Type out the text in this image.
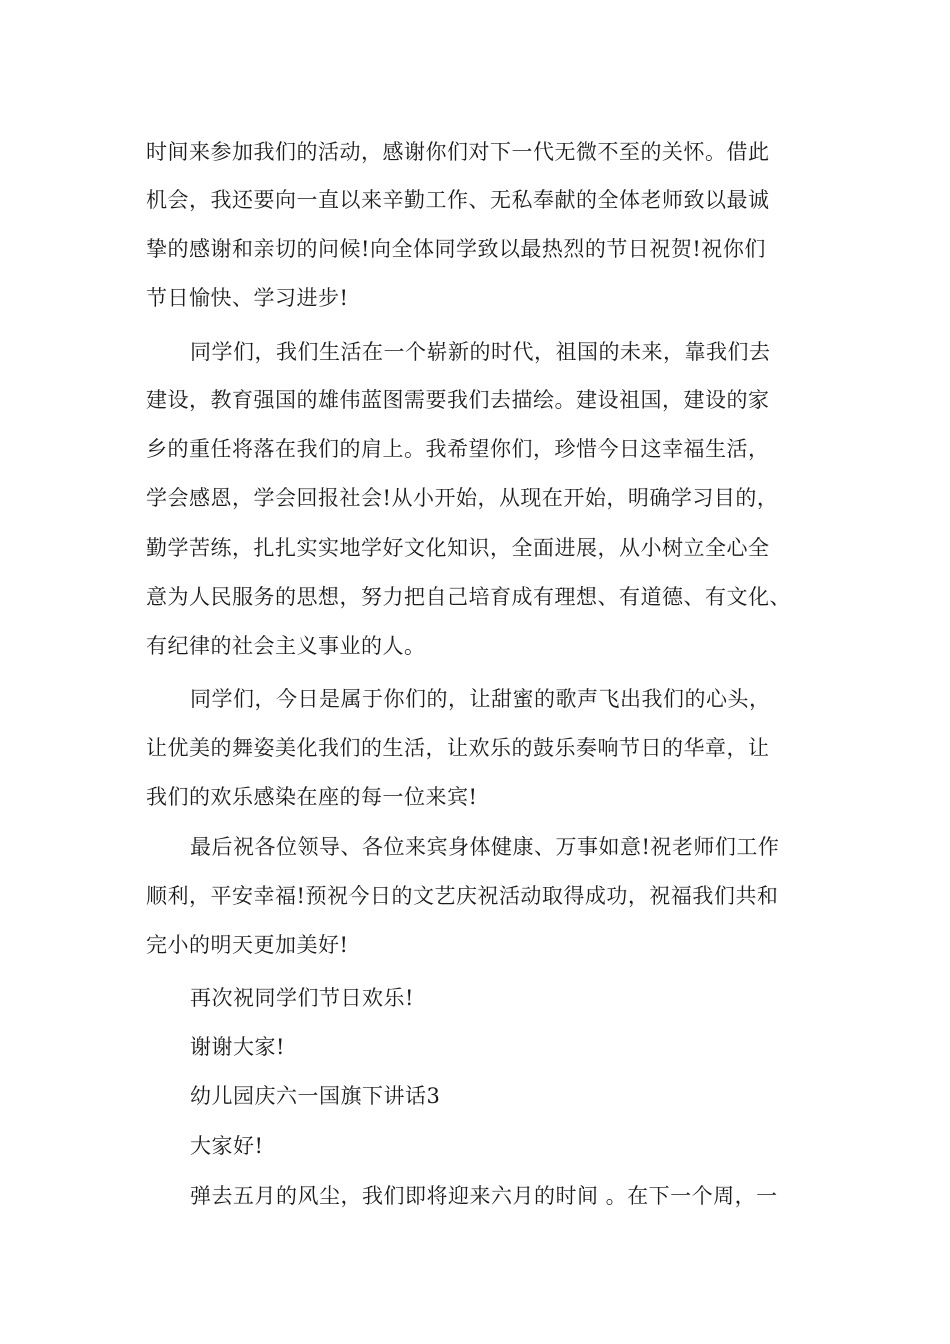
时间来参加我们的活动，感谢你们对下一代无微不至的关怀。借此

机会，我还要向一直以来辛勤工作、无私奉献的全体老师致以最诚

挚的感谢和亲切的问候!向全体同学致以最热烈的节日祝贺!祝你们

节日愉快、学习进步!

同学们，我们生活在一个崭新的时代，祖国的未来，靠我们去

建设，教育强国的雄伟蓝图需要我们去描绘。建设祖国，建设的家

乡的重任将落在我们的肩上。我希望你们，珍惜今日这幸福生活，

学会感恩，学会回报社会!从小开始，从现在开始，明确学习目的，

勤学苦练，扎扎实实地学好文化知识，全面进展，从小树立全心全

意为人民服务的思想，努力把自己培育成有理想、有道德、有文化、

有纪律的社会主义事业的人。

同学们，今日是属于你们的，让甜蜜的歌声飞出我们的心头，

让优美的舞姿美化我们的生活，让欢乐的鼓乐奏响节日的华章，让

我们的欢乐感染在座的每一位来宾!

最后祝各位领导、各位来宾身体健康、万事如意!祝老师们工作

顺利，平安幸福!预祝今日的文艺庆祝活动取得成功，祝福我们共和

完小的明天更加美好!

再次祝同学们节日欢乐!

谢谢大家!

幼儿园庆六一国旗下讲话3

大家好!

弹去五月的风尘，我们即将迎来六月的时间 。在下一个周，一
